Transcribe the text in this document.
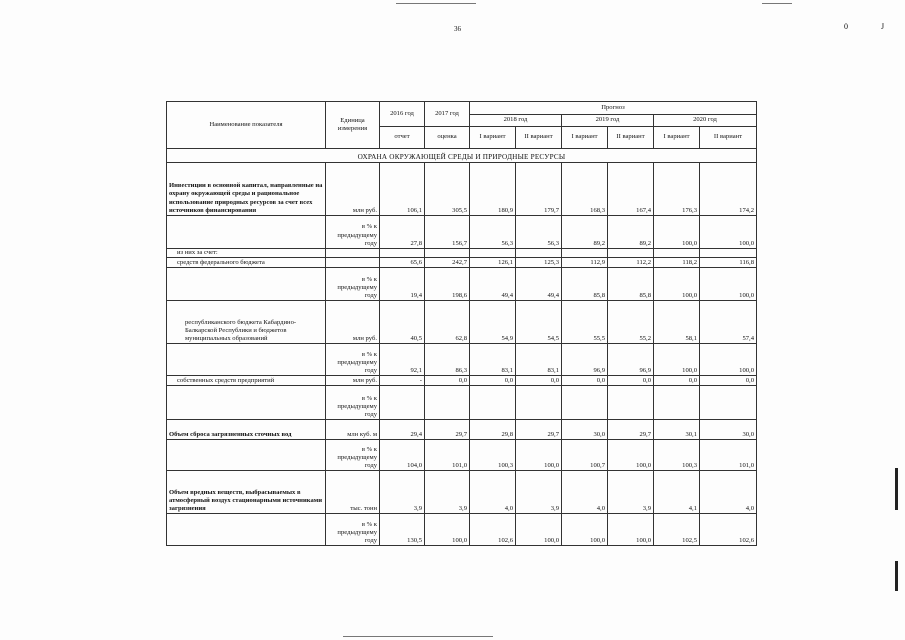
36	0	J
Наименование показателя	Единица измерения	2016 год	2017 год	Прогноз					
				2018 год		2019 год		2020 год	
		отчет	оценка	I вариант	II вариант	I вариант	II вариант	I вариант	II вариант
ОХРАНА ОКРУЖАЮЩЕЙ СРЕДЫ И ПРИРОДНЫЕ РЕСУРСЫ									
Инвестиции в основной капитал, направленные на охрану окружающей среды и рациональное использование природных ресурсов за счет всех источников финансирования	млн руб.	106,1	305,5	180,9	179,7	168,3	167,4	176,3	174,2
	в % к предыдущему году	27,8	156,7	56,3	56,3	89,2	89,2	100,0	100,0
из них за счет:									
средств федерального бюджета		65,6	242,7	126,1	125,3	112,9	112,2	118,2	116,8
	в % к предыдущему году	19,4	198,6	49,4	49,4	85,8	85,8	100,0	100,0
республиканского бюджета Кабардино-Балкарской Республики и бюджетов муниципальных образований	млн руб.	40,5	62,8	54,9	54,5	55,5	55,2	58,1	57,4
	в % к предыдущему году	92,1	86,3	83,1	83,1	96,9	96,9	100,0	100,0
собственных средств предприятий	млн руб.	-	0,0	0,0	0,0	0,0	0,0	0,0	0,0
	в % к предыдущему году								
Объем сброса загрязненных сточных вод	млн куб. м	29,4	29,7	29,8	29,7	30,0	29,7	30,1	30,0
	в % к предыдущему году	104,0	101,0	100,3	100,0	100,7	100,0	100,3	101,0
Объем вредных веществ, выбрасываемых в атмосферный воздух стационарными источниками загрязнения	тыс. тонн	3,9	3,9	4,0	3,9	4,0	3,9	4,1	4,0
	в % к предыдущему году	130,5	100,0	102,6	100,0	100,0	100,0	102,5	102,6
